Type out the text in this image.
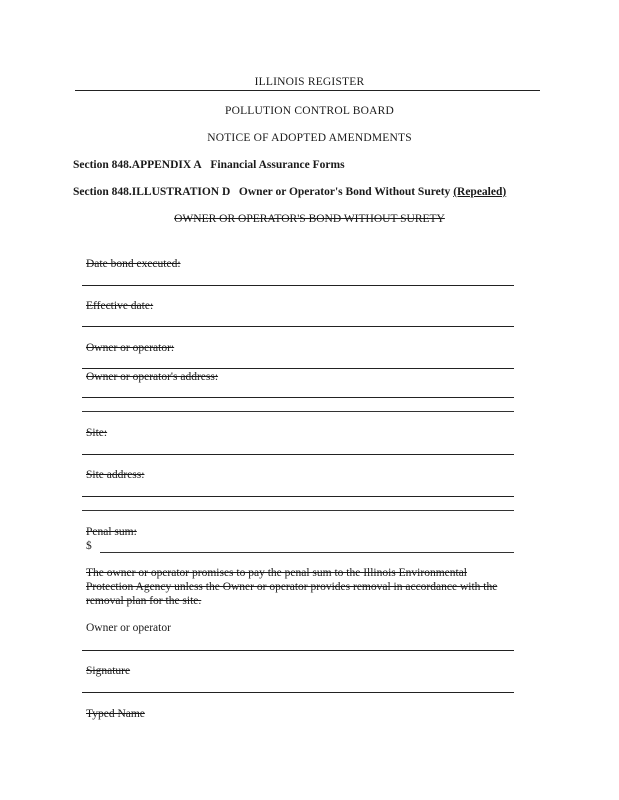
ILLINOIS REGISTER
POLLUTION CONTROL BOARD
NOTICE OF ADOPTED AMENDMENTS
Section 848.APPENDIX A Financial Assurance Forms
Section 848.ILLUSTRATION D Owner or Operator's Bond Without Surety (Repealed)
OWNER OR OPERATOR'S BOND WITHOUT SURETY
Date bond executed:
Effective date:
Owner or operator:
Owner or operator's address:
Site:
Site address:
Penal sum:
$
The owner or operator promises to pay the penal sum to the Illinois Environmental Protection Agency unless the Owner or operator provides removal in accordance with the removal plan for the site.
Owner or operator
Signature
Typed Name
